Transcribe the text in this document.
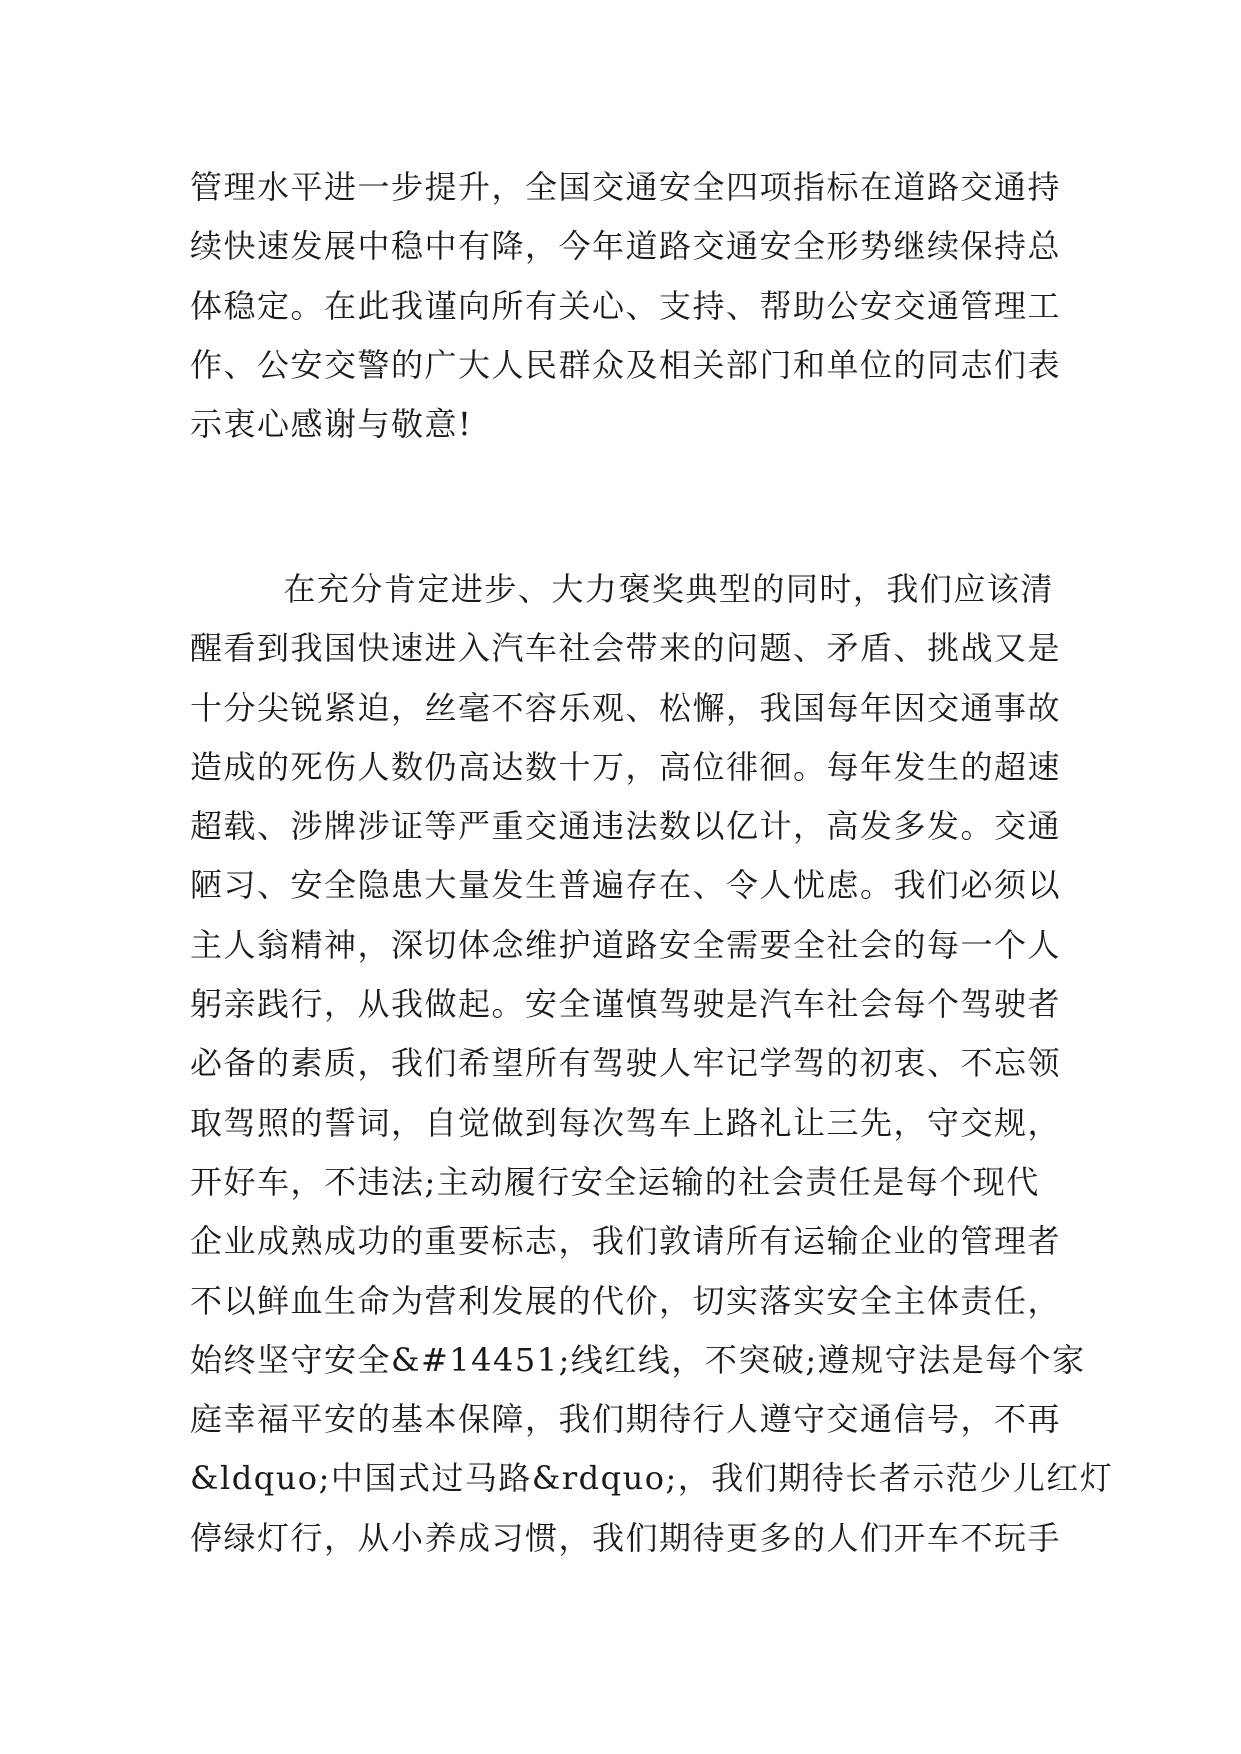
管理水平进一步提升，全国交通安全四项指标在道路交通持
续快速发展中稳中有降，今年道路交通安全形势继续保持总
体稳定。在此我谨向所有关心、支持、帮助公安交通管理工
作、公安交警的广大人民群众及相关部门和单位的同志们表
示衷心感谢与敬意!
在充分肯定进步、大力褒奖典型的同时，我们应该清
醒看到我国快速进入汽车社会带来的问题、矛盾、挑战又是
十分尖锐紧迫，丝毫不容乐观、松懈，我国每年因交通事故
造成的死伤人数仍高达数十万，高位徘徊。每年发生的超速
超载、涉牌涉证等严重交通违法数以亿计，高发多发。交通
陋习、安全隐患大量发生普遍存在、令人忧虑。我们必须以
主人翁精神，深切体念维护道路安全需要全社会的每一个人
躬亲践行，从我做起。安全谨慎驾驶是汽车社会每个驾驶者
必备的素质，我们希望所有驾驶人牢记学驾的初衷、不忘领
取驾照的誓词，自觉做到每次驾车上路礼让三先，守交规，
开好车，不违法;主动履行安全运输的社会责任是每个现代
企业成熟成功的重要标志，我们敦请所有运输企业的管理者
不以鲜血生命为营利发展的代价，切实落实安全主体责任，
始终坚守安全&#14451;线红线，不突破;遵规守法是每个家
庭幸福平安的基本保障，我们期待行人遵守交通信号，不再
&ldquo;中国式过马路&rdquo;，我们期待长者示范少儿红灯
停绿灯行，从小养成习惯，我们期待更多的人们开车不玩手
